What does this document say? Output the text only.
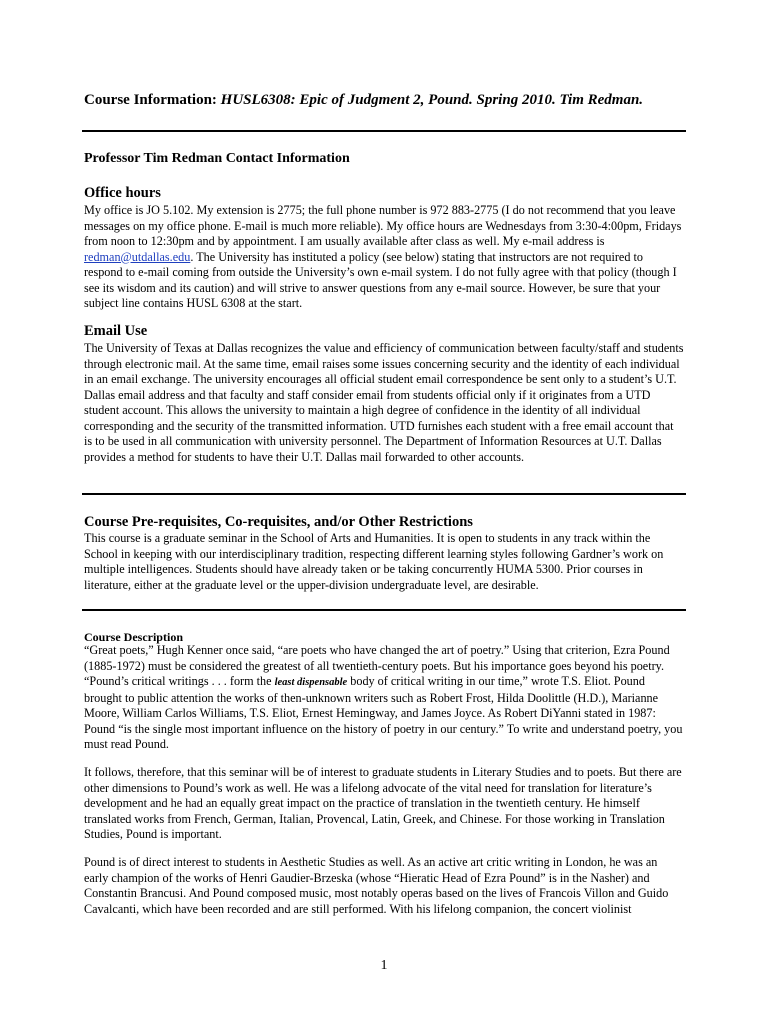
Course Information: HUSL6308: Epic of Judgment 2, Pound. Spring 2010. Tim Redman.
Professor Tim Redman Contact Information
Office hours

My office is JO 5.102. My extension is 2775; the full phone number is 972 883-2775 (I do not recommend that you leave messages on my office phone. E-mail is much more reliable). My office hours are Wednesdays from 3:30-4:00pm, Fridays from noon to 12:30pm and by appointment. I am usually available after class as well. My e-mail address is redman@utdallas.edu. The University has instituted a policy (see below) stating that instructors are not required to respond to e-mail coming from outside the University’s own e-mail system. I do not fully agree with that policy (though I see its wisdom and its caution) and will strive to answer questions from any e-mail source. However, be sure that your subject line contains HUSL 6308 at the start.

Email Use

The University of Texas at Dallas recognizes the value and efficiency of communication between faculty/staff and students through electronic mail. At the same time, email raises some issues concerning security and the identity of each individual in an email exchange. The university encourages all official student email correspondence be sent only to a student’s U.T. Dallas email address and that faculty and staff consider email from students official only if it originates from a UTD student account. This allows the university to maintain a high degree of confidence in the identity of all individual corresponding and the security of the transmitted information. UTD furnishes each student with a free email account that is to be used in all communication with university personnel. The Department of Information Resources at U.T. Dallas provides a method for students to have their U.T. Dallas mail forwarded to other accounts.

Course Pre-requisites, Co-requisites, and/or Other Restrictions

This course is a graduate seminar in the School of Arts and Humanities. It is open to students in any track within the School in keeping with our interdisciplinary tradition, respecting different learning styles following Gardner’s work on multiple intelligences. Students should have already taken or be taking concurrently HUMA 5300. Prior courses in literature, either at the graduate level or the upper-division undergraduate level, are desirable.

Course Description

“Great poets,” Hugh Kenner once said, “are poets who have changed the art of poetry.” Using that criterion, Ezra Pound (1885-1972) must be considered the greatest of all twentieth-century poets. But his importance goes beyond his poetry. “Pound’s critical writings . . . form the least dispensable body of critical writing in our time,” wrote T.S. Eliot. Pound brought to public attention the works of then-unknown writers such as Robert Frost, Hilda Doolittle (H.D.), Marianne Moore, William Carlos Williams, T.S. Eliot, Ernest Hemingway, and James Joyce. As Robert DiYanni stated in 1987: Pound “is the single most important influence on the history of poetry in our century.” To write and understand poetry, you must read Pound.

It follows, therefore, that this seminar will be of interest to graduate students in Literary Studies and to poets. But there are other dimensions to Pound’s work as well. He was a lifelong advocate of the vital need for translation for literature’s development and he had an equally great impact on the practice of translation in the twentieth century. He himself translated works from French, German, Italian, Provencal, Latin, Greek, and Chinese. For those working in Translation Studies, Pound is important.

Pound is of direct interest to students in Aesthetic Studies as well. As an active art critic writing in London, he was an early champion of the works of Henri Gaudier-Brzeska (whose “Hieratic Head of Ezra Pound” is in the Nasher) and Constantin Brancusi. And Pound composed music, most notably operas based on the lives of Francois Villon and Guido Cavalcanti, which have been recorded and are still performed. With his lifelong companion, the concert violinist

1
